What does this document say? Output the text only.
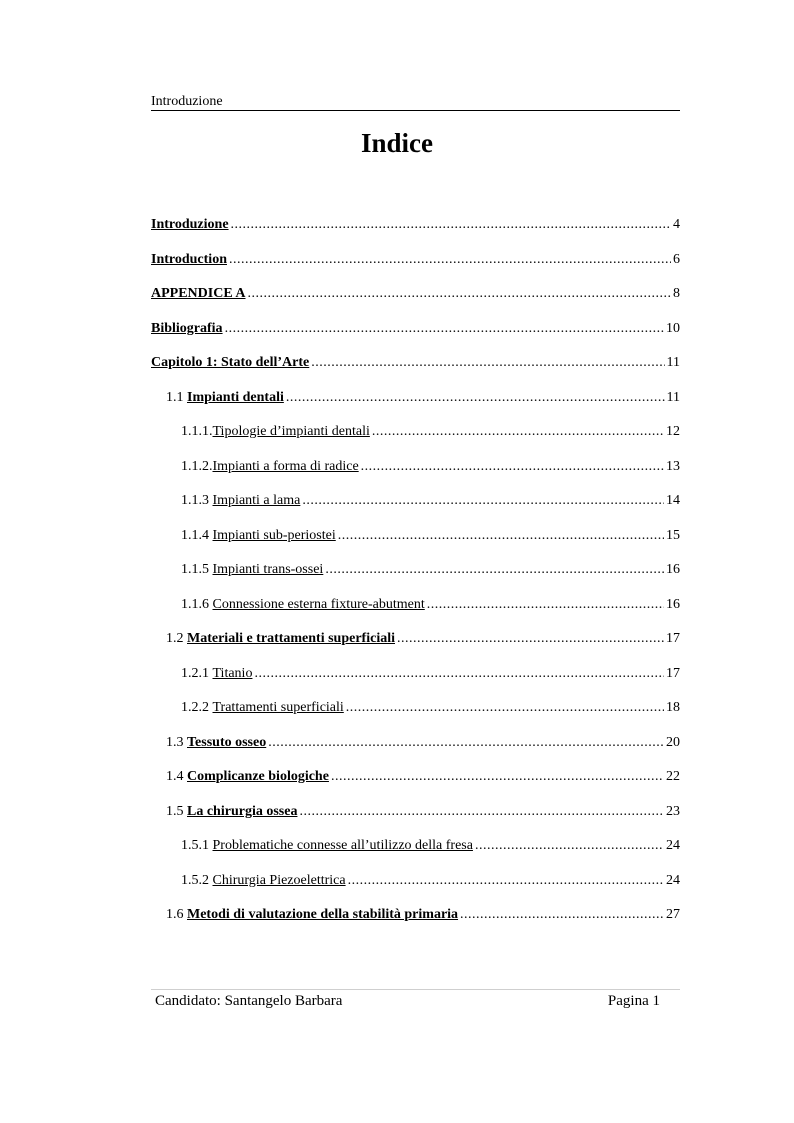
Introduzione
Indice
Introduzione .....	4
Introduction .....	6
APPENDICE A .....	8
Bibliografia .....	10
Capitolo 1: Stato dell’Arte .....	11
1.1 Impianti dentali .....	11
1.1.1. Tipologie d’impianti dentali .....	12
1.1.2. Impianti a forma di radice .....	13
1.1.3 Impianti a lama .....	14
1.1.4 Impianti sub-periostei .....	15
1.1.5 Impianti trans-ossei .....	16
1.1.6 Connessione esterna fixture-abutment .....	16
1.2 Materiali e trattamenti superficiali .....	17
1.2.1 Titanio .....	17
1.2.2 Trattamenti superficiali .....	18
1.3 Tessuto osseo .....	20
1.4 Complicanze biologiche .....	22
1.5 La chirurgia ossea .....	23
1.5.1 Problematiche connesse all’utilizzo della fresa .....	24
1.5.2 Chirurgia Piezoelettrica .....	24
1.6 Metodi di valutazione della stabilità primaria .....	27
Candidato: Santangelo Barbara	Pagina 1
